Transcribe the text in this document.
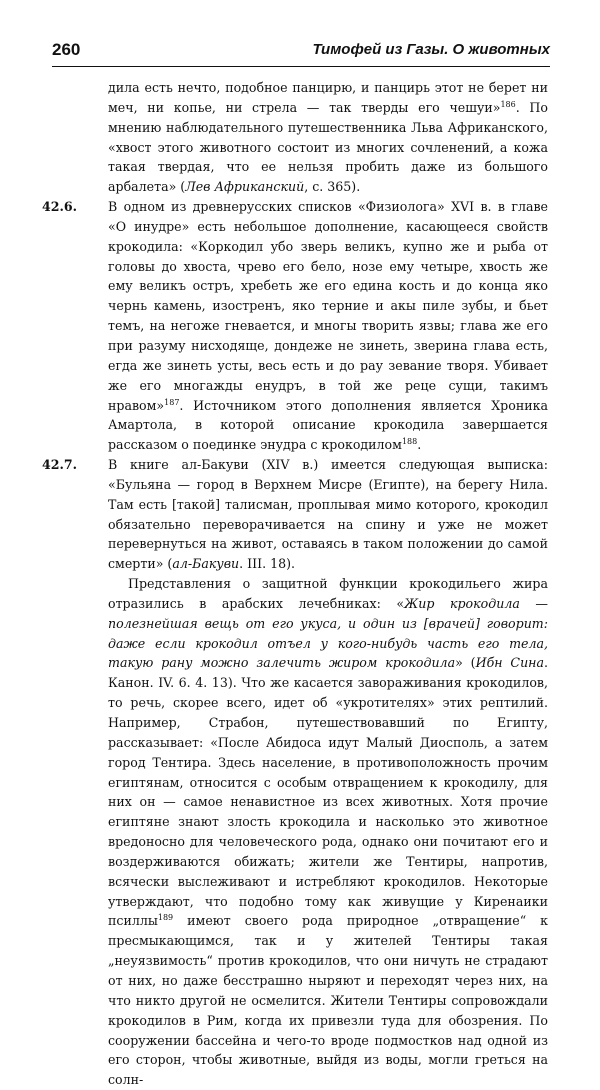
260	Тимофей из Газы. О животных

дила есть нечто, подобное панцирю, и панцирь этот не берет ни меч, ни копье, ни стрела — так тверды его чешуи»$^{186}$. По мнению наблюдательного путешественника Льва Африканского, «хвост этого животного состоит из многих сочленений, а кожа такая твердая, что ее нельзя пробить даже из большого арбалета» (Лев Африканский, с. 365).

42.6.	В одном из древнерусских списков «Физиолога» XVI в. в главе «О инудре» есть небольшое дополнение, касающееся свойств крокодила: «Коркодил убо зверь великъ, купно же и рыба от головы до хвоста, чрево его бело, нозе ему четыре, хвость же ему великъ остръ, хребеть же его едина кость и до конца яко чернь камень, изостренъ, яко терние и акы пиле зубы, и бьет темъ, на негоже гневается, и многы творить язвы; глава же его при разуму нисходяще, дондеже не зинеть, зверина глава есть, егда же зинеть усты, весь есть и до рау зевание творя. Убивает же его многажды енудръ, в той же реце сущи, такимъ нравом»$^{187}$. Источником этого дополнения является Хроника Амартола, в которой описание крокодила завершается рассказом о поединке энудра с крокодилом$^{188}$.

42.7.	В книге ал-Бакуви (XIV в.) имеется следующая выписка: «Бульяна — город в Верхнем Мисре (Египте), на берегу Нила. Там есть [такой] талисман, проплывая мимо которого, крокодил обязательно переворачивается на спину и уже не может перевернуться на живот, оставаясь в таком положении до самой смерти» (ал-Бакуви. III. 18).

Представления о защитной функции крокодильего жира отразились в арабских лечебниках: «Жир крокодила — полезнейшая вещь от его укуса, и один из [врачей] говорит: даже если крокодил отъел у кого-нибудь часть его тела, такую рану можно залечить жиром крокодила» (Ибн Сина. Канон. IV. 6. 4. 13). Что же касается завораживания крокодилов, то речь, скорее всего, идет об «укротителях» этих рептилий. Например, Страбон, путешествовавший по Египту, рассказывает: «После Абидоса идут Малый Диосполь, а затем город Тентира. Здесь население, в противоположность прочим египтянам, относится с особым отвращением к крокодилу, для них он — самое ненавистное из всех животных. Хотя прочие египтяне знают злость крокодила и насколько это животное вредоносно для человеческого рода, однако они почитают его и воздерживаются обижать; жители же Тентиры, напротив, всячески выслеживают и истребляют крокодилов. Некоторые утверждают, что подобно тому как живущие у Киренаики псиллы$^{189}$ имеют своего рода природное „отвращение“ к пресмыкающимся, так и у жителей Тентиры такая „неуязвимость“ против крокодилов, что они ничуть не страдают от них, но даже бесстрашно ныряют и переходят через них, на что никто другой не осмелится. Жители Тентиры сопровождали крокодилов в Рим, когда их привезли туда для обозрения. По сооружении бассейна и чего-то вроде подмостков над одной из его сторон, чтобы животные, выйдя из воды, могли греться на солн-
